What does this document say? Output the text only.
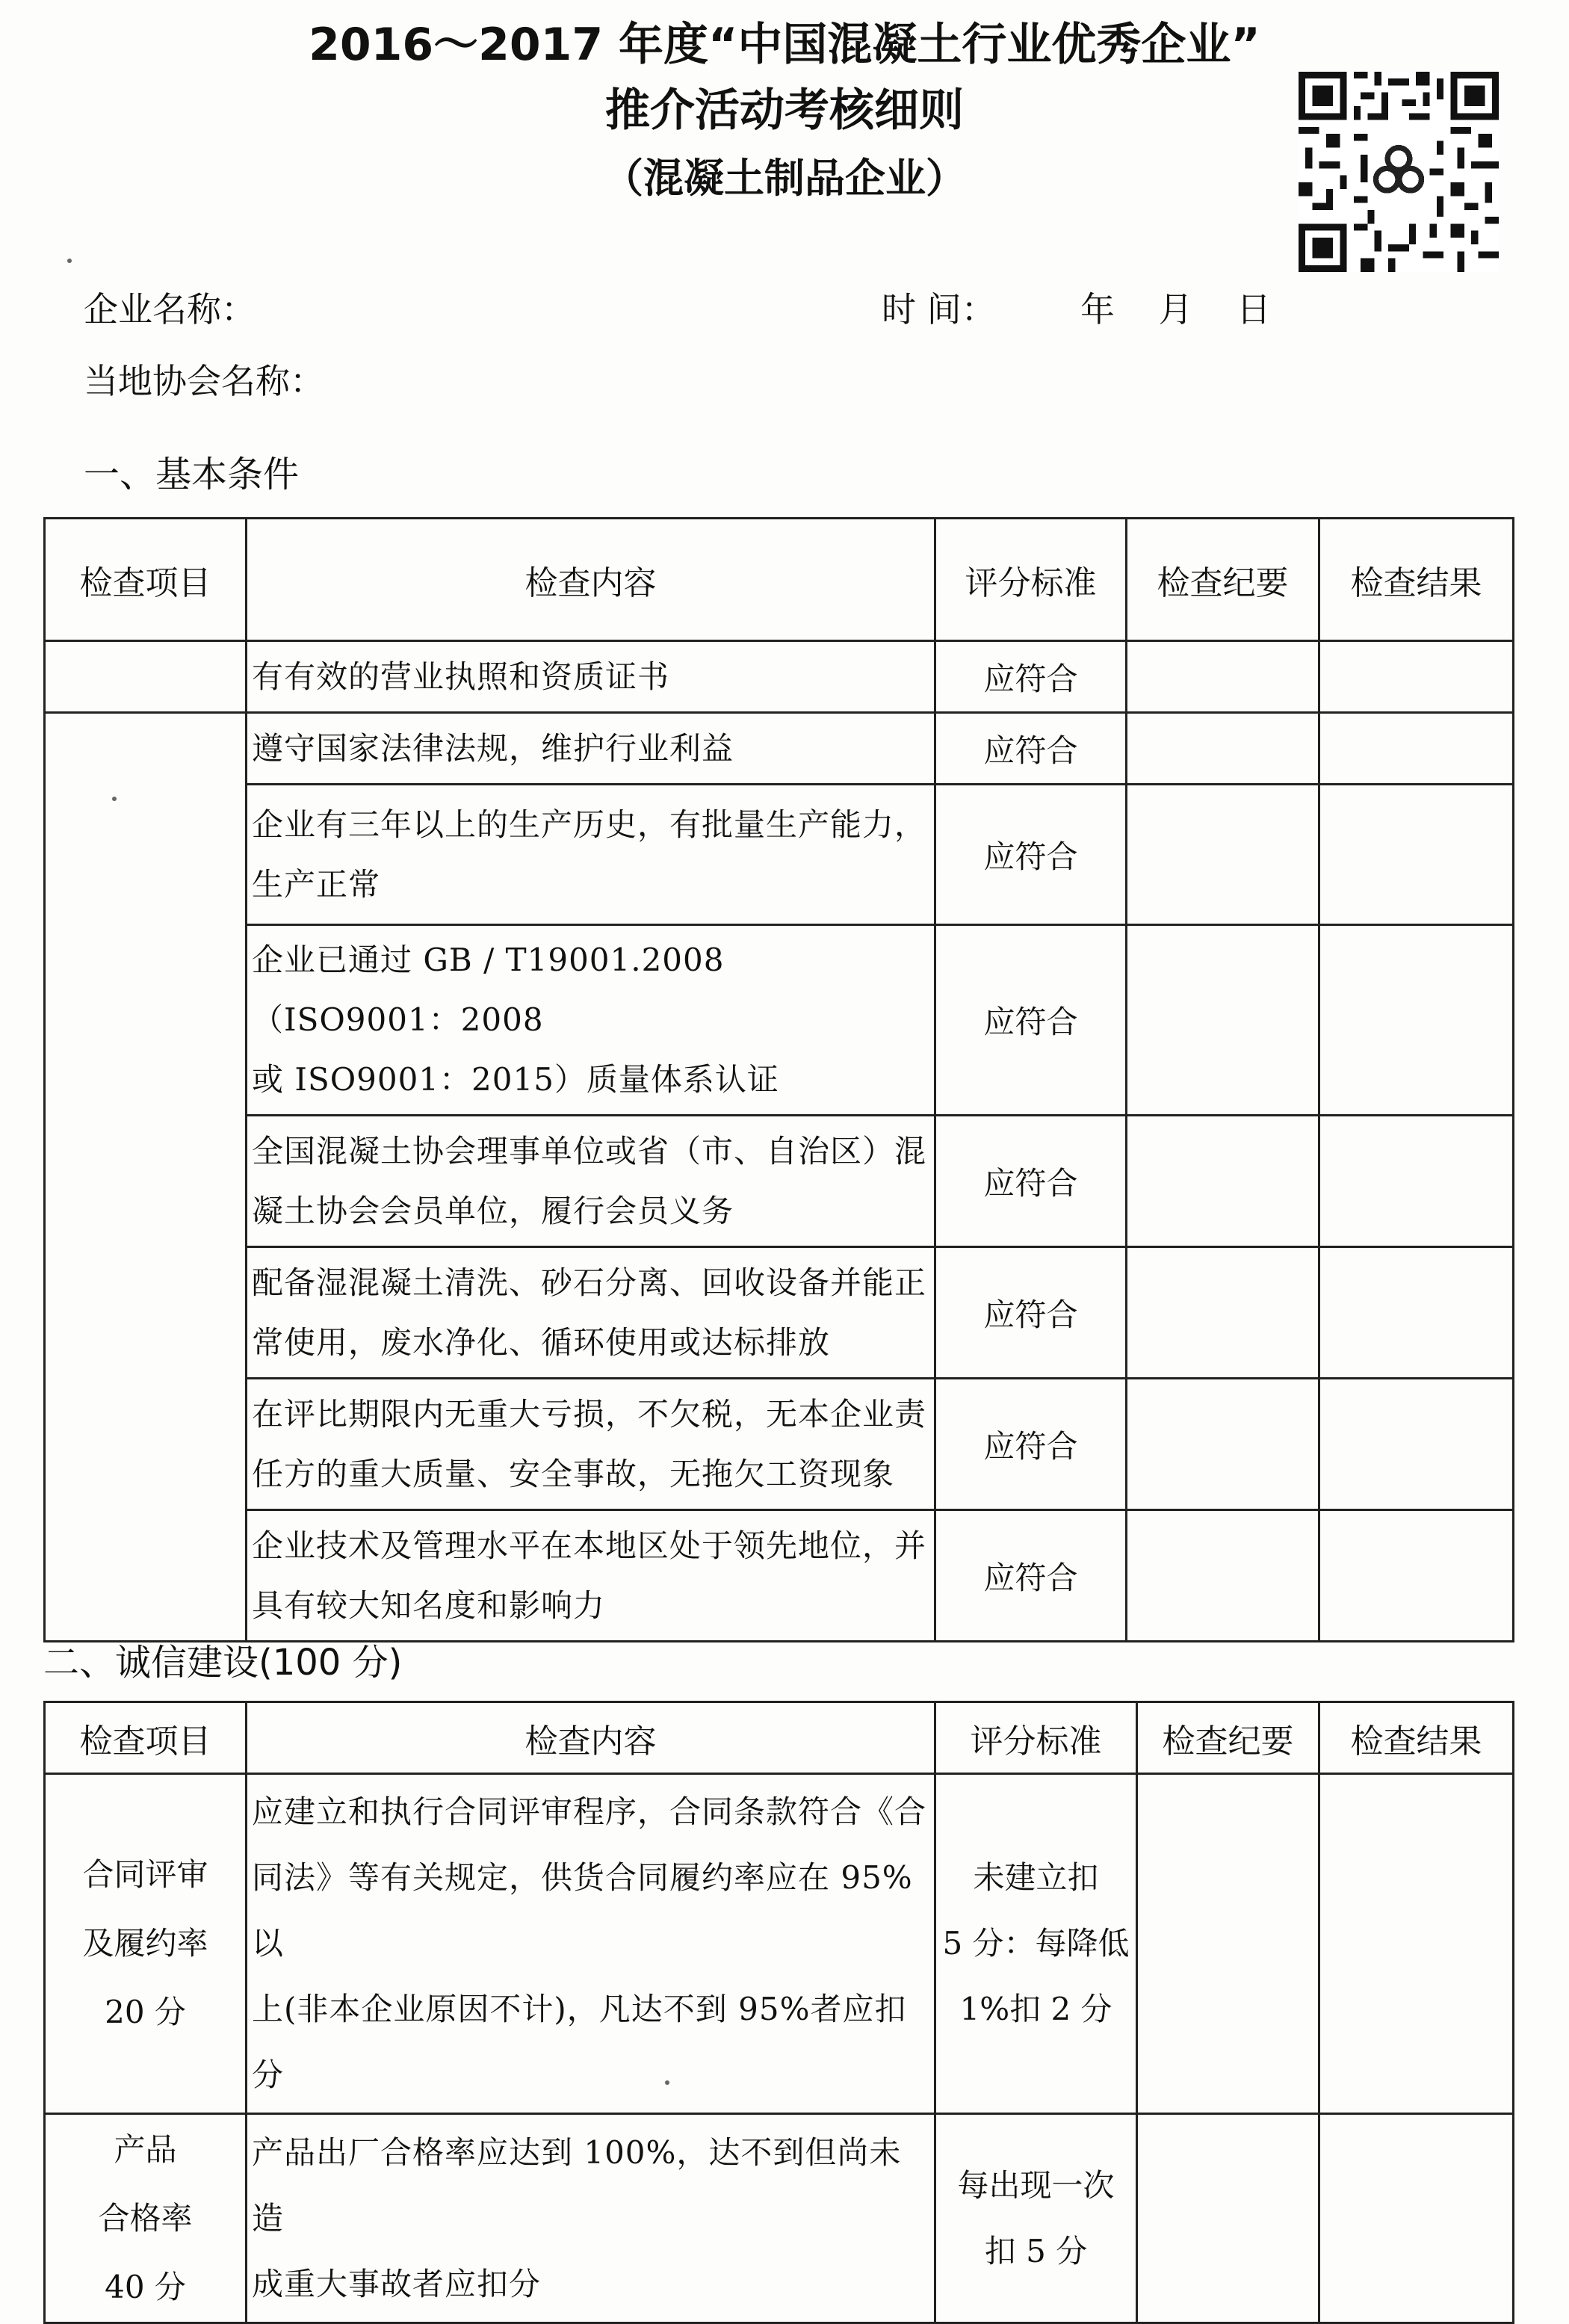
2016～2017 年度“中国混凝土行业优秀企业”
推介活动考核细则
（混凝土制品企业）
企业名称：	时 间： 年    月    日
当地协会名称：
一、基本条件
检查项目	检查内容	评分标准	检查纪要	检查结果

	有有效的营业执照和资质证书	应符合		

	遵守国家法律法规，维护行业利益	应符合		

	企业有三年以上的生产历史，有批量生产能力，
生产正常	应符合		

	企业已通过 GB / T19001.2008（ISO9001：2008
或 ISO9001：2015）质量体系认证	应符合		

	全国混凝土协会理事单位或省（市、自治区）混
凝土协会会员单位，履行会员义务	应符合		

	配备湿混凝土清洗、砂石分离、回收设备并能正
常使用，废水净化、循环使用或达标排放	应符合		

	在评比期限内无重大亏损，不欠税，无本企业责
任方的重大质量、安全事故，无拖欠工资现象	应符合		

	企业技术及管理水平在本地区处于领先地位，并
具有较大知名度和影响力	应符合		
二、诚信建设(100 分)
检查项目	检查内容	评分标准	检查纪要	检查结果

合同评审
及履约率
20 分	应建立和执行合同评审程序，合同条款符合《合
同法》等有关规定，供货合同履约率应在 95%以
上(非本企业原因不计)，凡达不到 95%者应扣分	未建立扣
5 分：每降低
1%扣 2 分		

产品
合格率
40 分	产品出厂合格率应达到 100%，达不到但尚未造
成重大事故者应扣分	每出现一次
扣 5 分		
